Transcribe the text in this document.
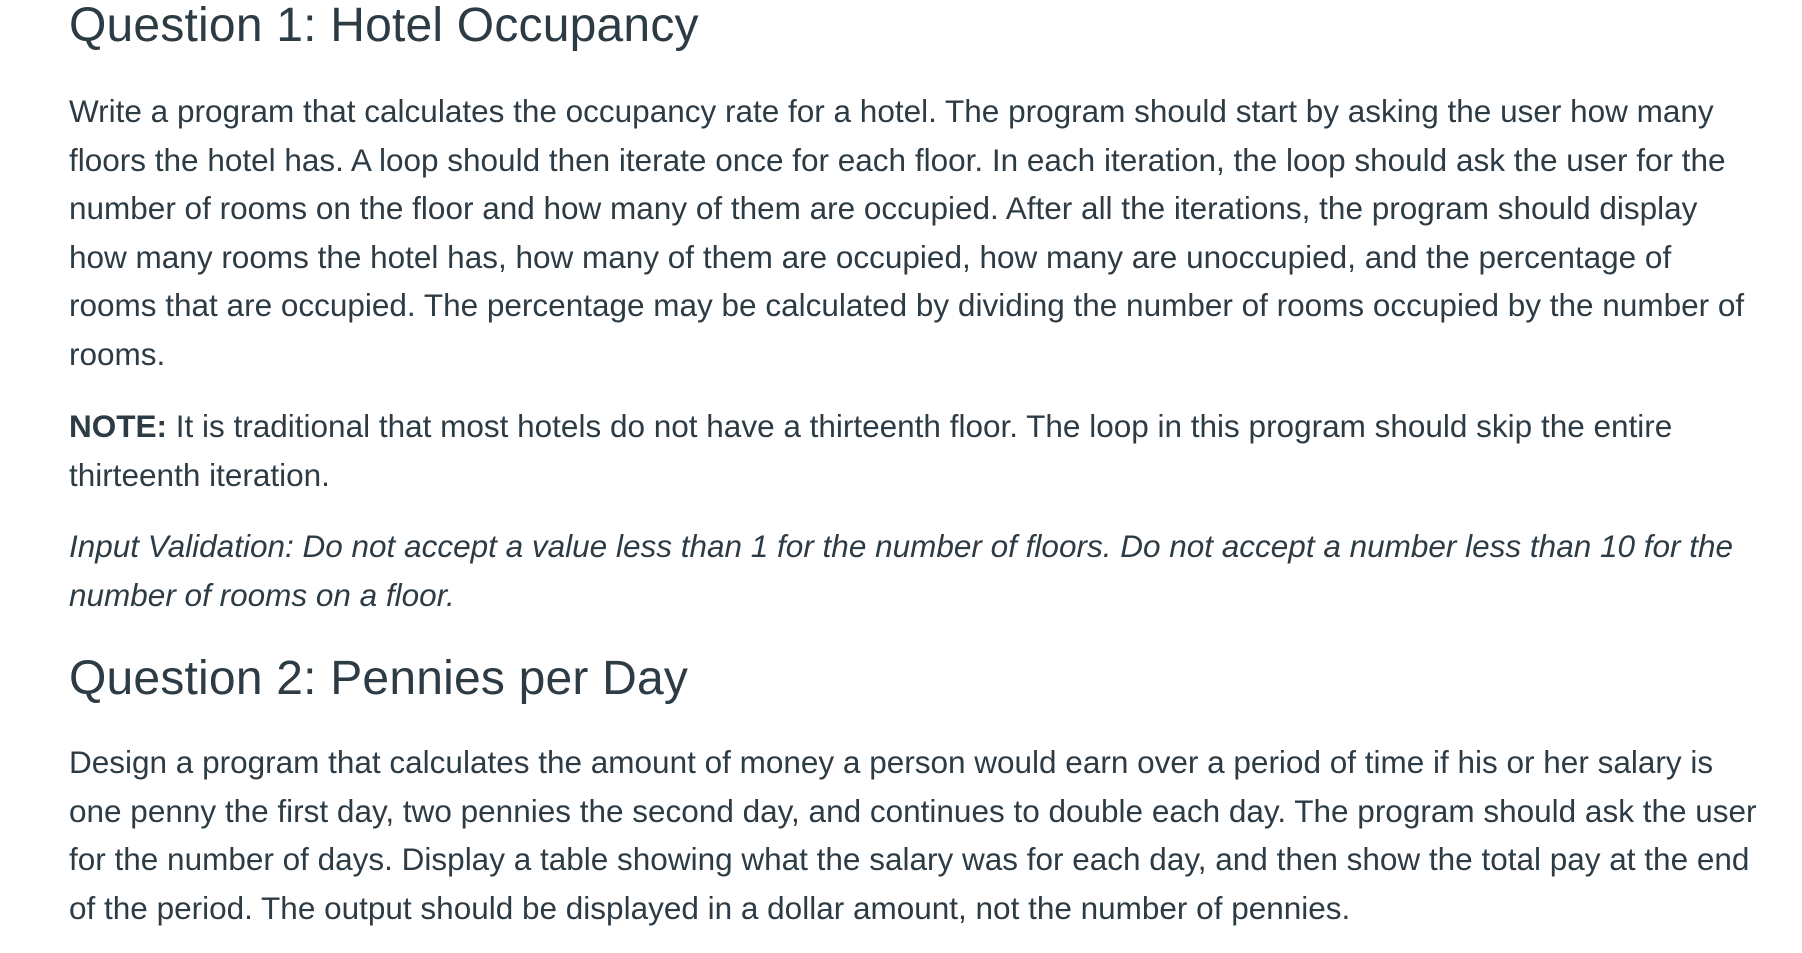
Question 1: Hotel Occupancy

Write a program that calculates the occupancy rate for a hotel. The program should start by asking the user how many floors the hotel has. A loop should then iterate once for each floor. In each iteration, the loop should ask the user for the number of rooms on the floor and how many of them are occupied. After all the iterations, the program should display how many rooms the hotel has, how many of them are occupied, how many are unoccupied, and the percentage of rooms that are occupied. The percentage may be calculated by dividing the number of rooms occupied by the number of rooms.

NOTE: It is traditional that most hotels do not have a thirteenth floor. The loop in this program should skip the entire thirteenth iteration.

Input Validation: Do not accept a value less than 1 for the number of floors. Do not accept a number less than 10 for the number of rooms on a floor.

Question 2: Pennies per Day

Design a program that calculates the amount of money a person would earn over a period of time if his or her salary is one penny the first day, two pennies the second day, and continues to double each day. The program should ask the user for the number of days. Display a table showing what the salary was for each day, and then show the total pay at the end of the period. The output should be displayed in a dollar amount, not the number of pennies.
